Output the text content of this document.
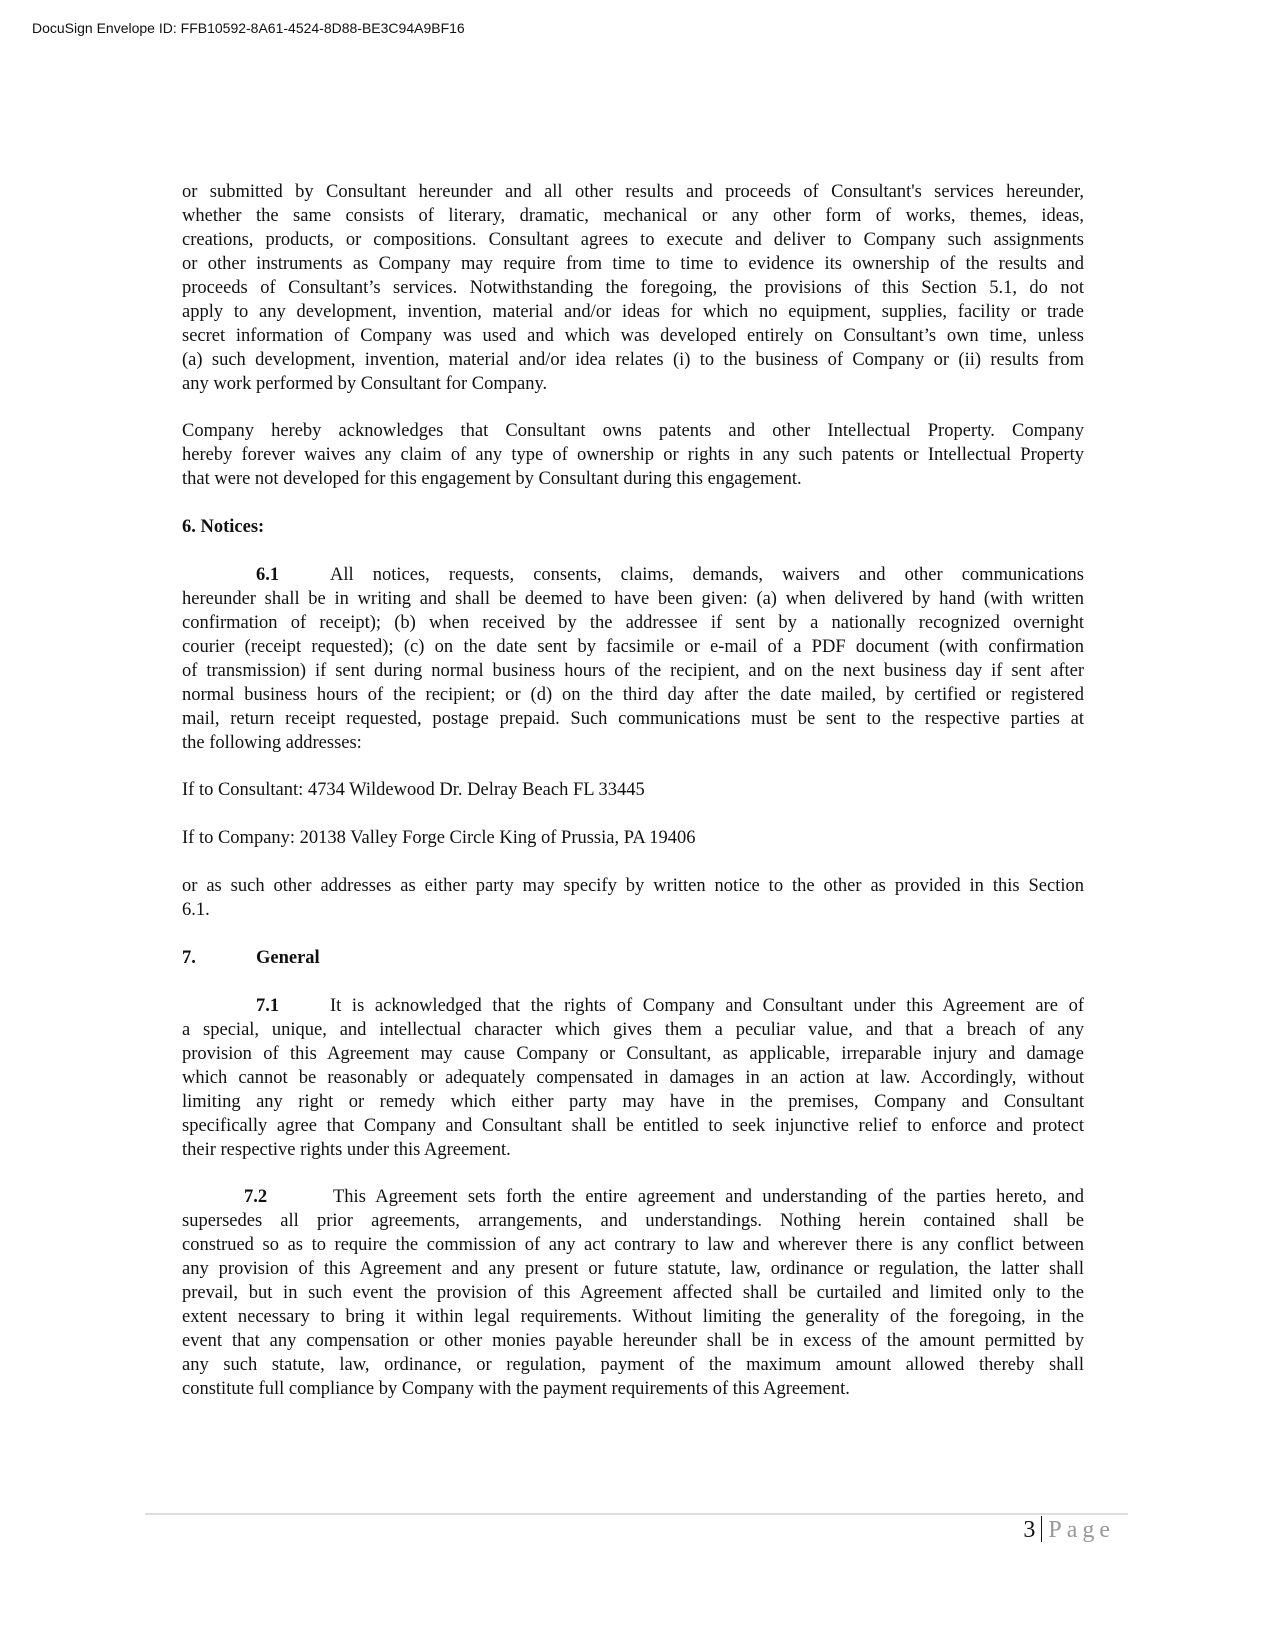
DocuSign Envelope ID: FFB10592-8A61-4524-8D88-BE3C94A9BF16
or submitted by Consultant hereunder and all other results and proceeds of Consultant's services hereunder,
whether the same consists of literary, dramatic, mechanical or any other form of works, themes, ideas,
creations, products, or compositions. Consultant agrees to execute and deliver to Company such assignments
or other instruments as Company may require from time to time to evidence its ownership of the results and
proceeds of Consultant’s services. Notwithstanding the foregoing, the provisions of this Section 5.1, do not
apply to any development, invention, material and/or ideas for which no equipment, supplies, facility or trade
secret information of Company was used and which was developed entirely on Consultant’s own time, unless
(a) such development, invention, material and/or idea relates (i) to the business of Company or (ii) results from
any work performed by Consultant for Company.
Company hereby acknowledges that Consultant owns patents and other Intellectual Property. Company
hereby forever waives any claim of any type of ownership or rights in any such patents or Intellectual Property
that were not developed for this engagement by Consultant during this engagement.
6. Notices:
6.1	All notices, requests, consents, claims, demands, waivers and other communications
hereunder shall be in writing and shall be deemed to have been given: (a) when delivered by hand (with written
confirmation of receipt); (b) when received by the addressee if sent by a nationally recognized overnight
courier (receipt requested); (c) on the date sent by facsimile or e-mail of a PDF document (with confirmation
of transmission) if sent during normal business hours of the recipient, and on the next business day if sent after
normal business hours of the recipient; or (d) on the third day after the date mailed, by certified or registered
mail, return receipt requested, postage prepaid. Such communications must be sent to the respective parties at
the following addresses:
If to Consultant: 4734 Wildewood Dr. Delray Beach FL 33445
If to Company: 20138 Valley Forge Circle King of Prussia, PA 19406
or as such other addresses as either party may specify by written notice to the other as provided in this Section
6.1.
7.	General
7.1	It is acknowledged that the rights of Company and Consultant under this Agreement are of
a special, unique, and intellectual character which gives them a peculiar value, and that a breach of any
provision of this Agreement may cause Company or Consultant, as applicable, irreparable injury and damage
which cannot be reasonably or adequately compensated in damages in an action at law. Accordingly, without
limiting any right or remedy which either party may have in the premises, Company and Consultant
specifically agree that Company and Consultant shall be entitled to seek injunctive relief to enforce and protect
their respective rights under this Agreement.
7.2	This Agreement sets forth the entire agreement and understanding of the parties hereto, and
supersedes all prior agreements, arrangements, and understandings. Nothing herein contained shall be
construed so as to require the commission of any act contrary to law and wherever there is any conflict between
any provision of this Agreement and any present or future statute, law, ordinance or regulation, the latter shall
prevail, but in such event the provision of this Agreement affected shall be curtailed and limited only to the
extent necessary to bring it within legal requirements. Without limiting the generality of the foregoing, in the
event that any compensation or other monies payable hereunder shall be in excess of the amount permitted by
any such statute, law, ordinance, or regulation, payment of the maximum amount allowed thereby shall
constitute full compliance by Company with the payment requirements of this Agreement.
3 Page
